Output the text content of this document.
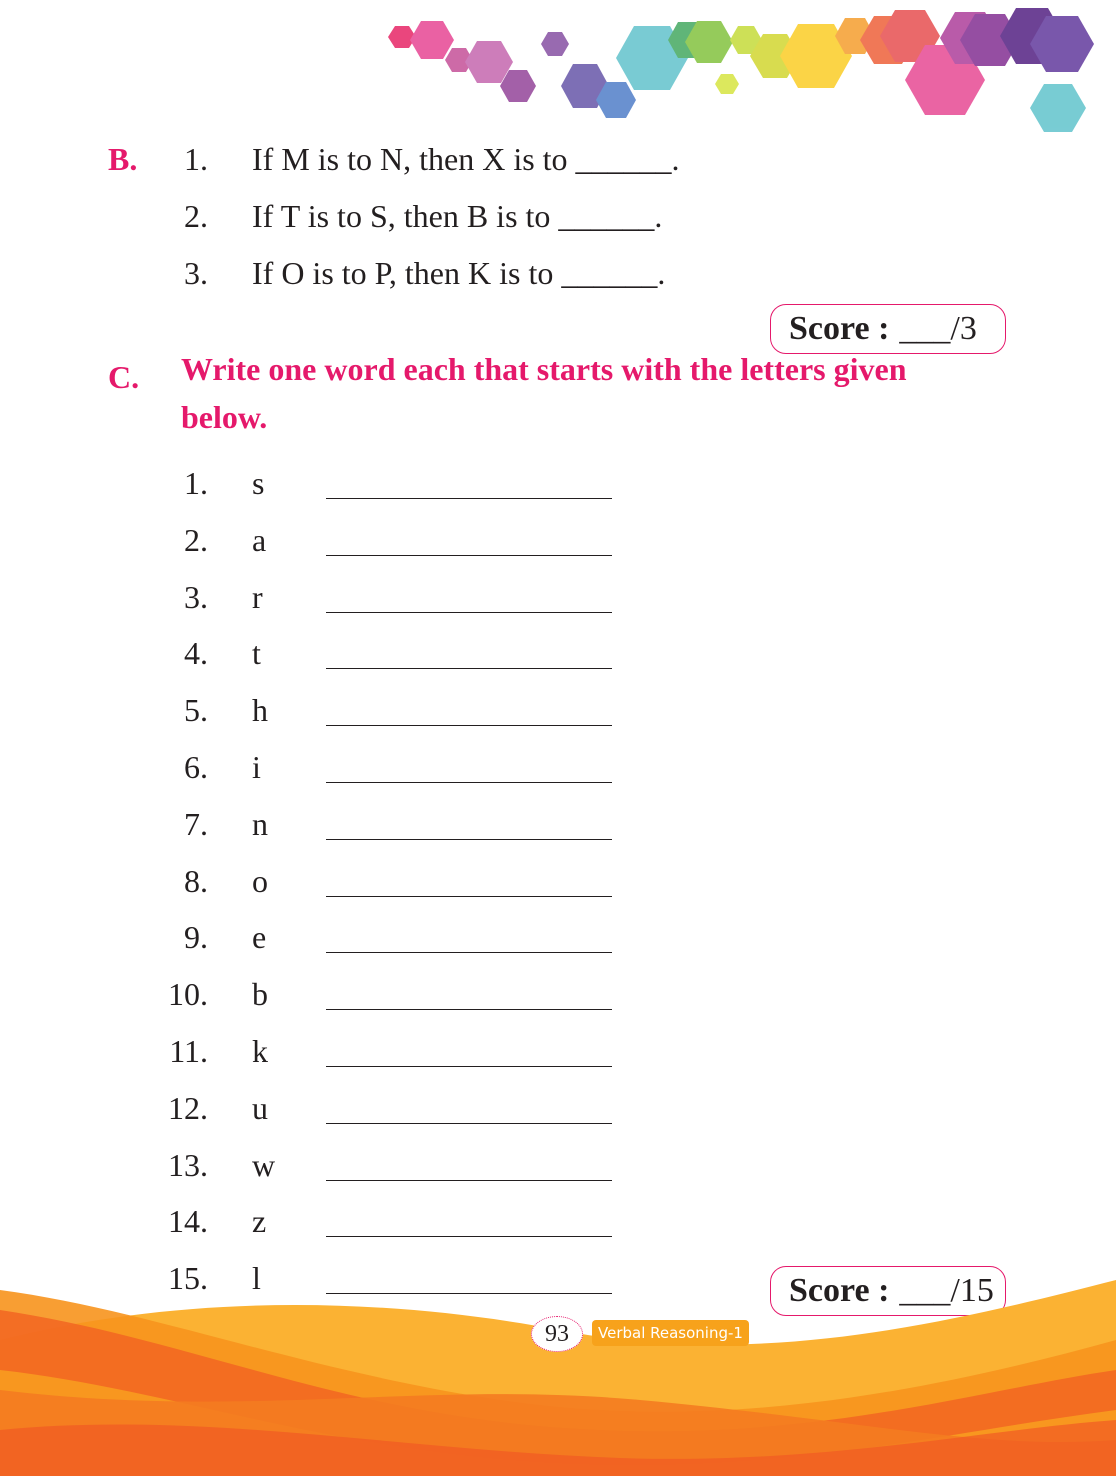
B.	1. If M is to N, then X is to ______.
2. If T is to S, then B is to ______.
3. If O is to P, then K is to ______.
Score : ___/3
C. Write one word each that starts with the letters given
below.
1. s
2. a
3. r
4. t
5. h
6. i
7. n
8. o
9. e
10. b
11. k
12. u
13. w
14. z
15. l	Score : ___/15
93	Verbal Reasoning-1
